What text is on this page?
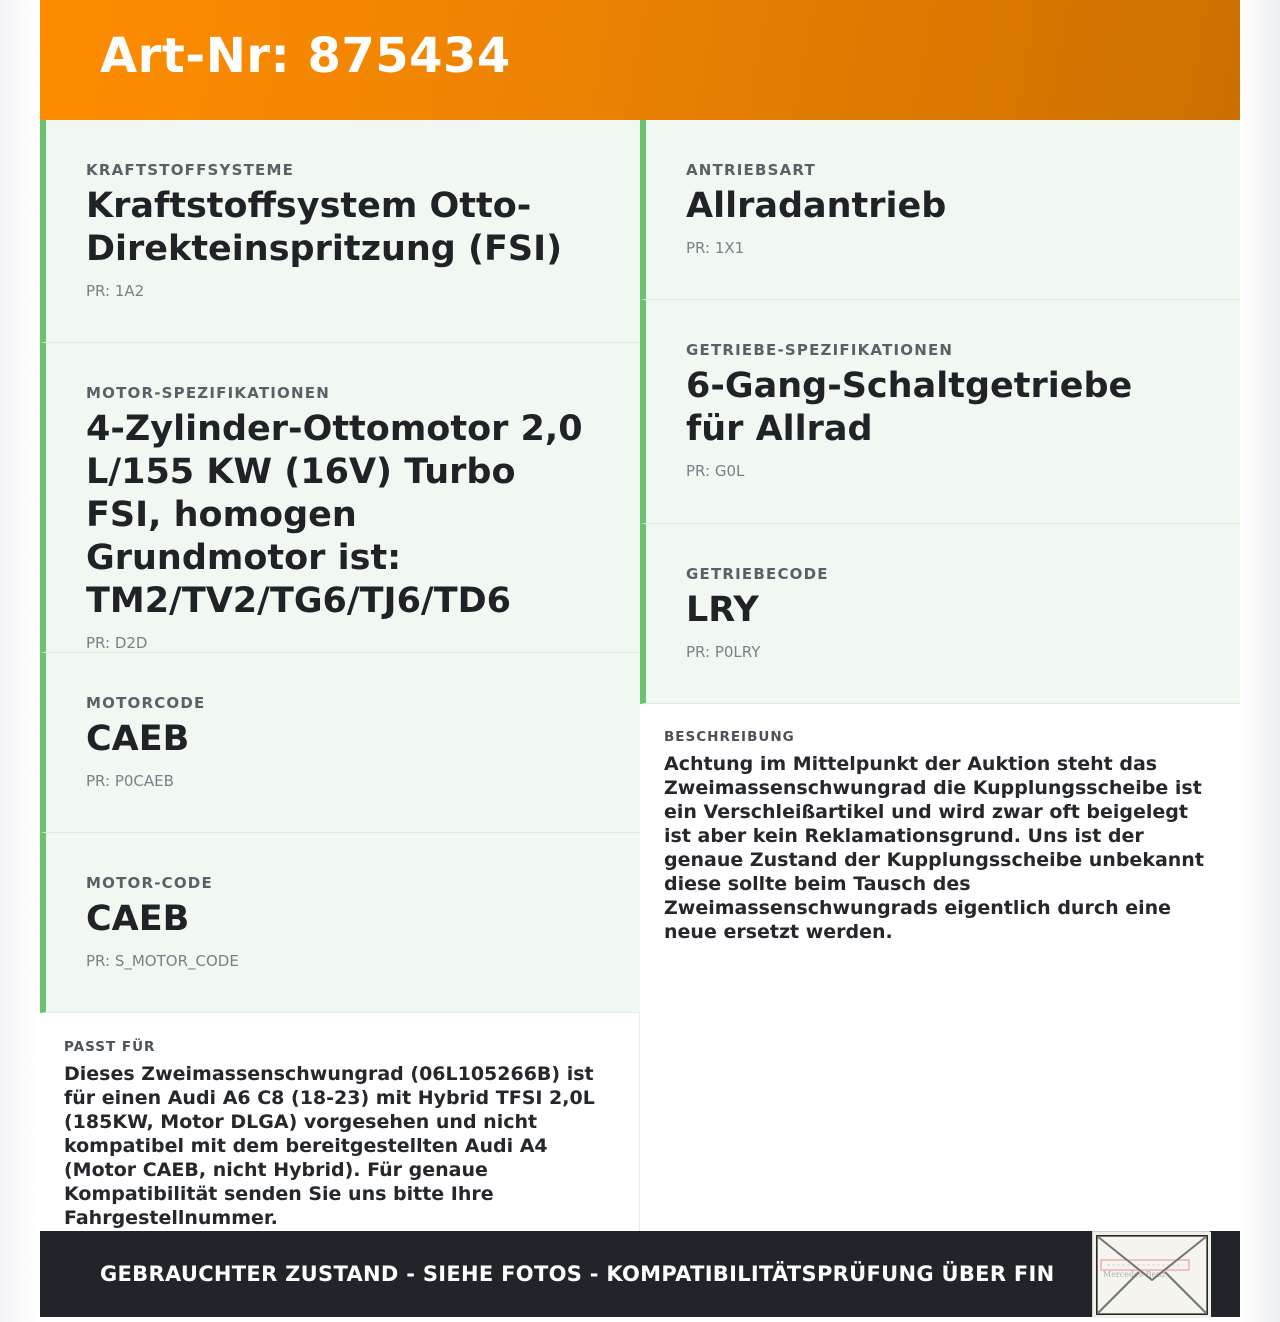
Art-Nr: 875434
KRAFTSTOFFSYSTEME
Kraftstoffsystem Otto-Direkteinspritzung (FSI)
PR: 1A2
MOTOR-SPEZIFIKATIONEN
4-Zylinder-Ottomotor 2,0 L/155 KW (16V) Turbo FSI, homogen Grundmotor ist: TM2/TV2/TG6/TJ6/TD6
PR: D2D
MOTORCODE
CAEB
PR: P0CAEB
MOTOR-CODE
CAEB
PR: S_MOTOR_CODE
ANTRIEBSART
Allradantrieb
PR: 1X1
GETRIEBE-SPEZIFIKATIONEN
6-Gang-Schaltgetriebe für Allrad
PR: G0L
GETRIEBECODE
LRY
PR: P0LRY
PASST FÜR
Dieses Zweimassenschwungrad (06L105266B) ist für einen Audi A6 C8 (18-23) mit Hybrid TFSI 2,0L (185KW, Motor DLGA) vorgesehen und nicht kompatibel mit dem bereitgestellten Audi A4 (Motor CAEB, nicht Hybrid). Für genaue Kompatibilität senden Sie uns bitte Ihre Fahrgestellnummer.
BESCHREIBUNG
Achtung im Mittelpunkt der Auktion steht das Zweimassenschwungrad die Kupplungsscheibe ist ein Verschleißartikel und wird zwar oft beigelegt ist aber kein Reklamationsgrund. Uns ist der genaue Zustand der Kupplungsscheibe unbekannt diese sollte beim Tausch des Zweimassenschwungrads eigentlich durch eine neue ersetzt werden.
GEBRAUCHTER ZUSTAND - SIEHE FOTOS - KOMPATIBILITÄTSPRÜFUNG ÜBER FIN	Mercedes-Benz
